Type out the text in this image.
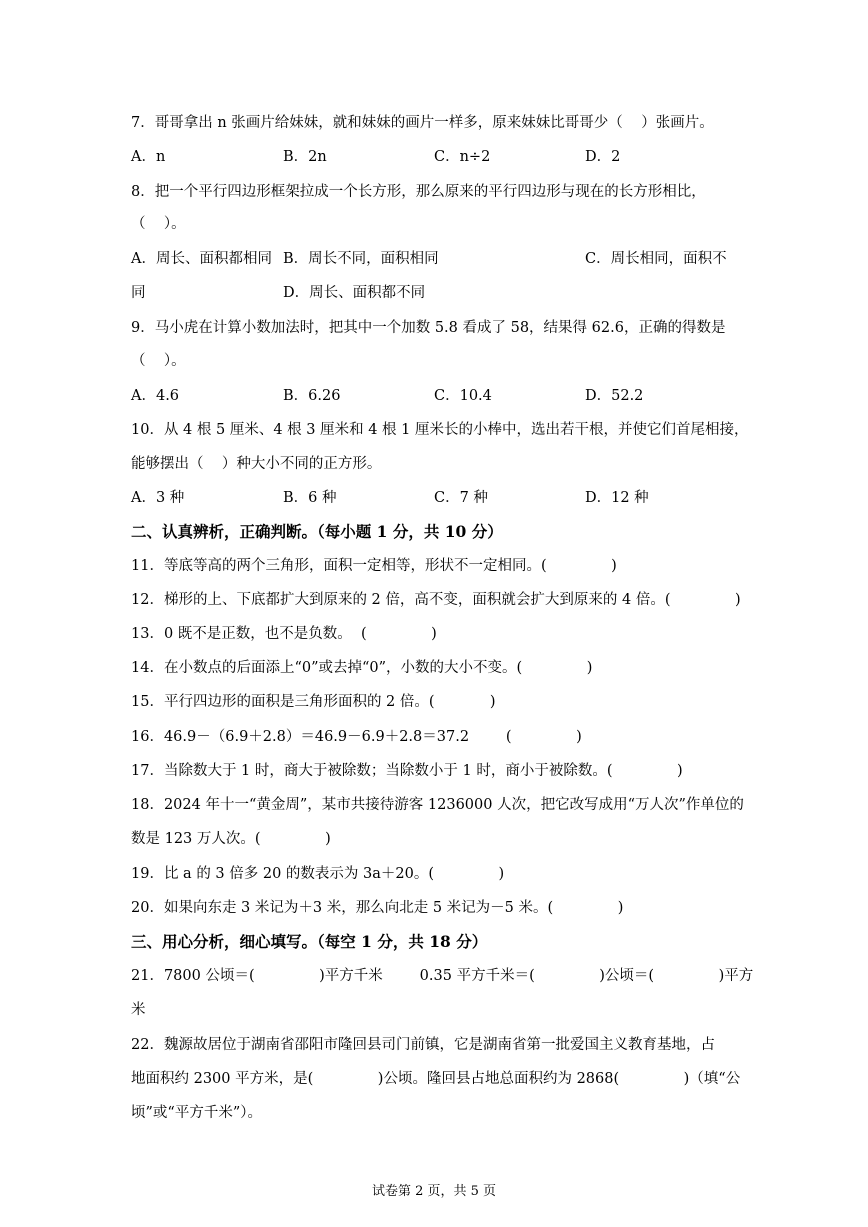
7．哥哥拿出 n 张画片给妹妹，就和妹妹的画片一样多，原来妹妹比哥哥少（    ）张画片。
A．n	B．2n	C．n÷2	D．2
8．把一个平行四边形框架拉成一个长方形，那么原来的平行四边形与现在的长方形相比，
（    ）。
A．周长、面积都相同 B．周长不同，面积相同	C．周长相同，面积不
同	D．周长、面积都不同
9．马小虎在计算小数加法时，把其中一个加数 5.8 看成了 58，结果得 62.6，正确的得数是
（    ）。
A．4.6	B．6.26	C．10.4	D．52.2
10．从 4 根 5 厘米、4 根 3 厘米和 4 根 1 厘米长的小棒中，选出若干根，并使它们首尾相接，
能够摆出（    ）种大小不同的正方形。
A．3 种	B．6 种	C．7 种	D．12 种
二、认真辨析，正确判断。（每小题 1 分，共 10 分）
11．等底等高的两个三角形，面积一定相等，形状不一定相同。(              )
12．梯形的上、下底都扩大到原来的 2 倍，高不变，面积就会扩大到原来的 4 倍。(              )
13．0 既不是正数，也不是负数。  (              )
14．在小数点的后面添上“0”或去掉“0”，小数的大小不变。(              )
15．平行四边形的面积是三角形面积的 2 倍。(            )
16．46.9－（6.9＋2.8）＝46.9－6.9＋2.8＝37.2        (              )
17．当除数大于 1 时，商大于被除数；当除数小于 1 时，商小于被除数。(              )
18．2024 年十一“黄金周”，某市共接待游客 1236000 人次，把它改写成用“万人次”作单位的
数是 123 万人次。(              )
19．比 a 的 3 倍多 20 的数表示为 3a＋20。(              )
20．如果向东走 3 米记为＋3 米，那么向北走 5 米记为－5 米。(              )
三、用心分析，细心填写。（每空 1 分，共 18 分）
21．7800 公顷＝(              )平方千米        0.35 平方千米＝(              )公顷＝(              )平方
米
22．魏源故居位于湖南省邵阳市隆回县司门前镇，它是湖南省第一批爱国主义教育基地，占
地面积约 2300 平方米，是(              )公顷。隆回县占地总面积约为 2868(              )（填“公
顷”或“平方千米”）。
试卷第 2 页，共 5 页
